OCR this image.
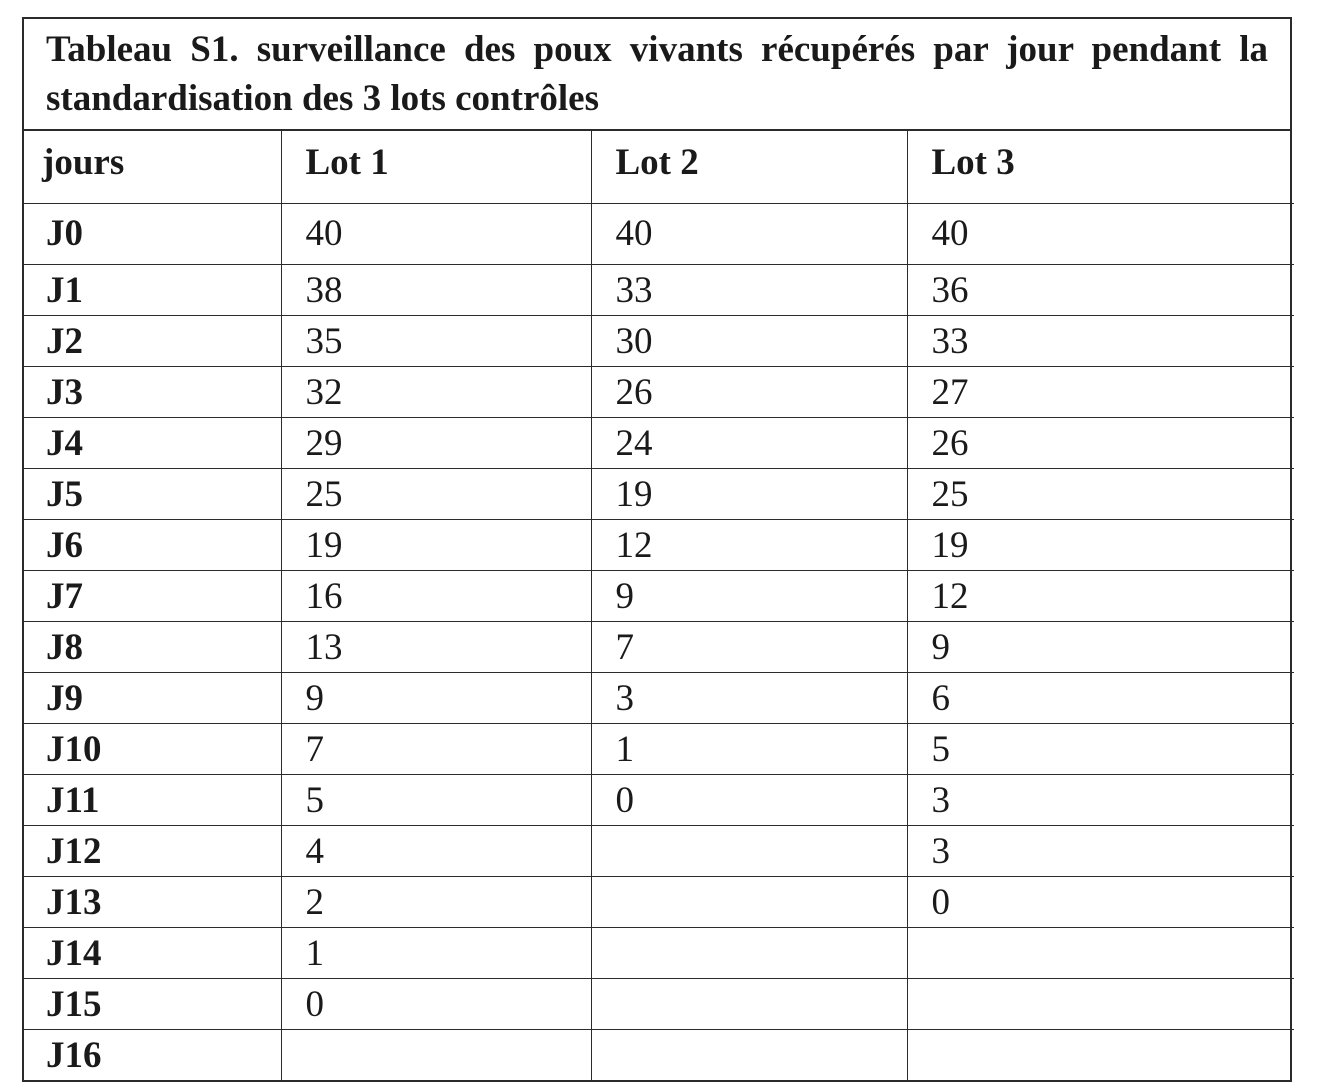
Tableau S1. surveillance des poux vivants récupérés par jour pendant la standardisation des 3 lots contrôles
jours	Lot 1	Lot 2	Lot 3
J0	40	40	40
J1	38	33	36
J2	35	30	33
J3	32	26	27
J4	29	24	26
J5	25	19	25
J6	19	12	19
J7	16	9	12
J8	13	7	9
J9	9	3	6
J10	7	1	5
J11	5	0	3
J12	4		3
J13	2		0
J14	1		
J15	0		
J16			
